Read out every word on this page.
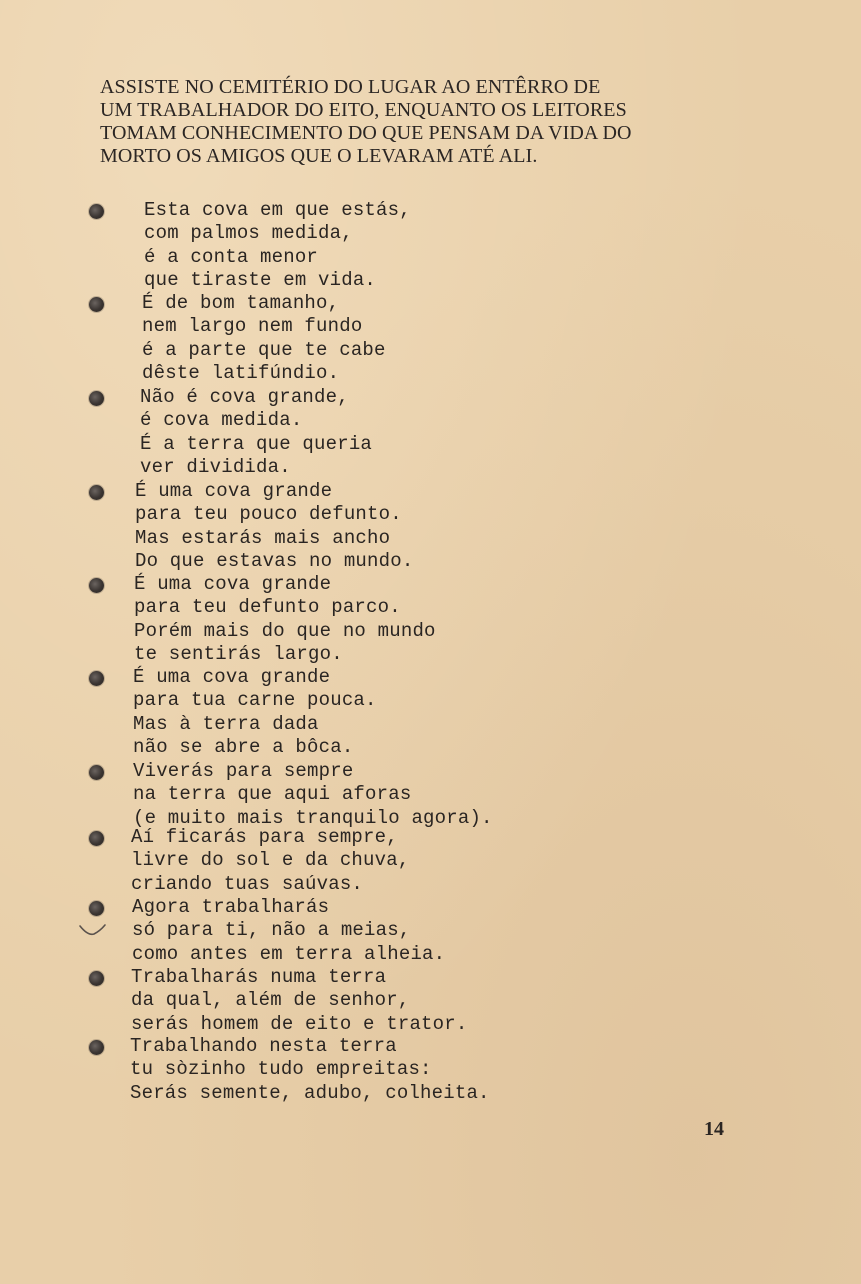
ASSISTE NO CEMITÉRIO DO LUGAR AO ENTÊRRO DE
UM TRABALHADOR DO EITO, ENQUANTO OS LEITORES
TOMAM CONHECIMENTO DO QUE PENSAM DA VIDA DO
MORTO OS AMIGOS QUE O LEVARAM ATÉ ALI.
Esta cova em que estás,
com palmos medida,
é a conta menor
que tiraste em vida.
É de bom tamanho,
nem largo nem fundo
é a parte que te cabe
dêste latifúndio.
Não é cova grande,
é cova medida.
É a terra que queria
ver dividida.
É uma cova grande
para teu pouco defunto.
Mas estarás mais ancho
Do que estavas no mundo.
É uma cova grande
para teu defunto parco.
Porém mais do que no mundo
te sentirás largo.
É uma cova grande
para tua carne pouca.
Mas à terra dada
não se abre a bôca.
Viverás para sempre
na terra que aqui aforas
(e muito mais tranquilo agora).
Aí ficarás para sempre,
livre do sol e da chuva,
criando tuas saúvas.
Agora trabalharás
só para ti, não a meias,
como antes em terra alheia.
Trabalharás numa terra
da qual, além de senhor,
serás homem de eito e trator.
Trabalhando nesta terra
tu sòzinho tudo empreitas:
Serás semente, adubo, colheita.
14
